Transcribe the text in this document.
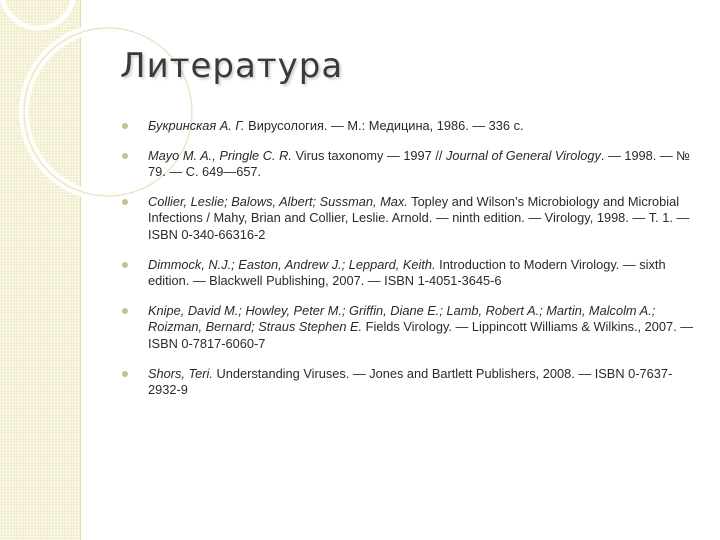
Литература
Букринская А. Г. Вирусология. — М.: Медицина, 1986. — 336 с.
Mayo M. A., Pringle C. R. Virus taxonomy — 1997 // Journal of General Virology. — 1998. — № 79. — С. 649—657.
Collier, Leslie; Balows, Albert; Sussman, Max. Topley and Wilson’s Microbiology and Microbial Infections / Mahy, Brian and Collier, Leslie. Arnold. — ninth edition. — Virology, 1998. — Т. 1. — ISBN 0-340-66316-2
Dimmock, N.J.; Easton, Andrew J.; Leppard, Keith. Introduction to Modern Virology. — sixth edition. — Blackwell Publishing, 2007. — ISBN 1-4051-3645-6
Knipe, David M.; Howley, Peter M.; Griffin, Diane E.; Lamb, Robert A.; Martin, Malcolm A.; Roizman, Bernard; Straus Stephen E. Fields Virology. — Lippincott Williams & Wilkins., 2007. — ISBN 0-7817-6060-7
Shors, Teri. Understanding Viruses. — Jones and Bartlett Publishers, 2008. — ISBN 0-7637-2932-9
